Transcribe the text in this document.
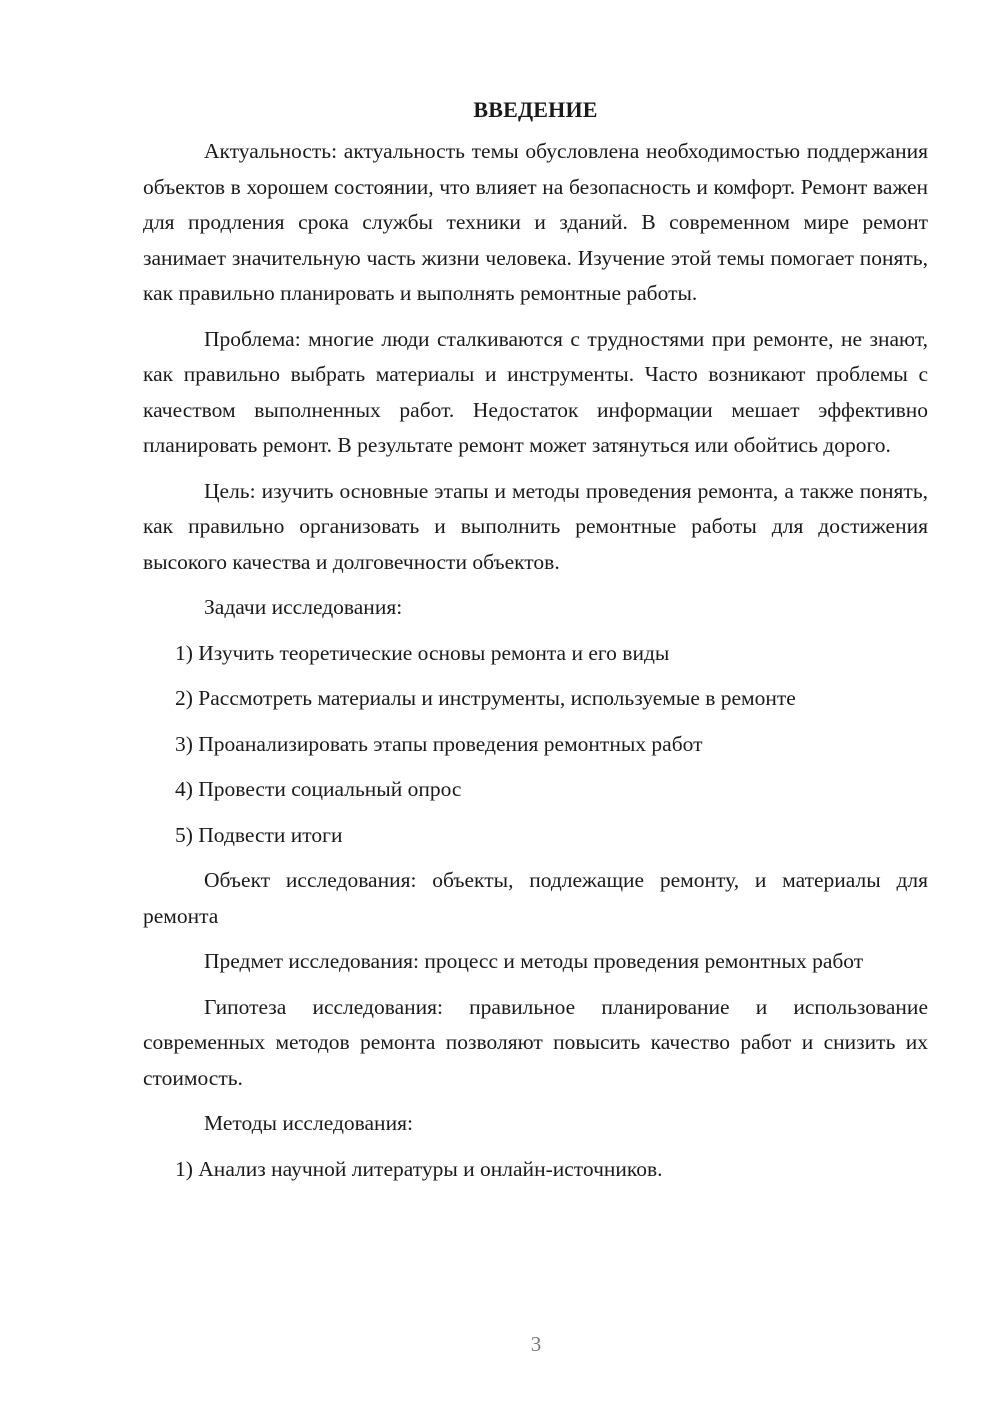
ВВЕДЕНИЕ

Актуальность: актуальность темы обусловлена необходимостью поддержания объектов в хорошем состоянии, что влияет на безопасность и комфорт. Ремонт важен для продления срока службы техники и зданий. В современном мире ремонт занимает значительную часть жизни человека. Изучение этой темы помогает понять, как правильно планировать и выполнять ремонтные работы.

Проблема: многие люди сталкиваются с трудностями при ремонте, не знают, как правильно выбрать материалы и инструменты. Часто возникают проблемы с качеством выполненных работ. Недостаток информации мешает эффективно планировать ремонт. В результате ремонт может затянуться или обойтись дорого.

Цель: изучить основные этапы и методы проведения ремонта, а также понять, как правильно организовать и выполнить ремонтные работы для достижения высокого качества и долговечности объектов.

Задачи исследования:

1) Изучить теоретические основы ремонта и его виды

2) Рассмотреть материалы и инструменты, используемые в ремонте

3) Проанализировать этапы проведения ремонтных работ

4) Провести социальный опрос

5) Подвести итоги

Объект исследования: объекты, подлежащие ремонту, и материалы для ремонта

Предмет исследования: процесс и методы проведения ремонтных работ

Гипотеза исследования: правильное планирование и использование современных методов ремонта позволяют повысить качество работ и снизить их стоимость.

Методы исследования:

1) Анализ научной литературы и онлайн-источников.

3
